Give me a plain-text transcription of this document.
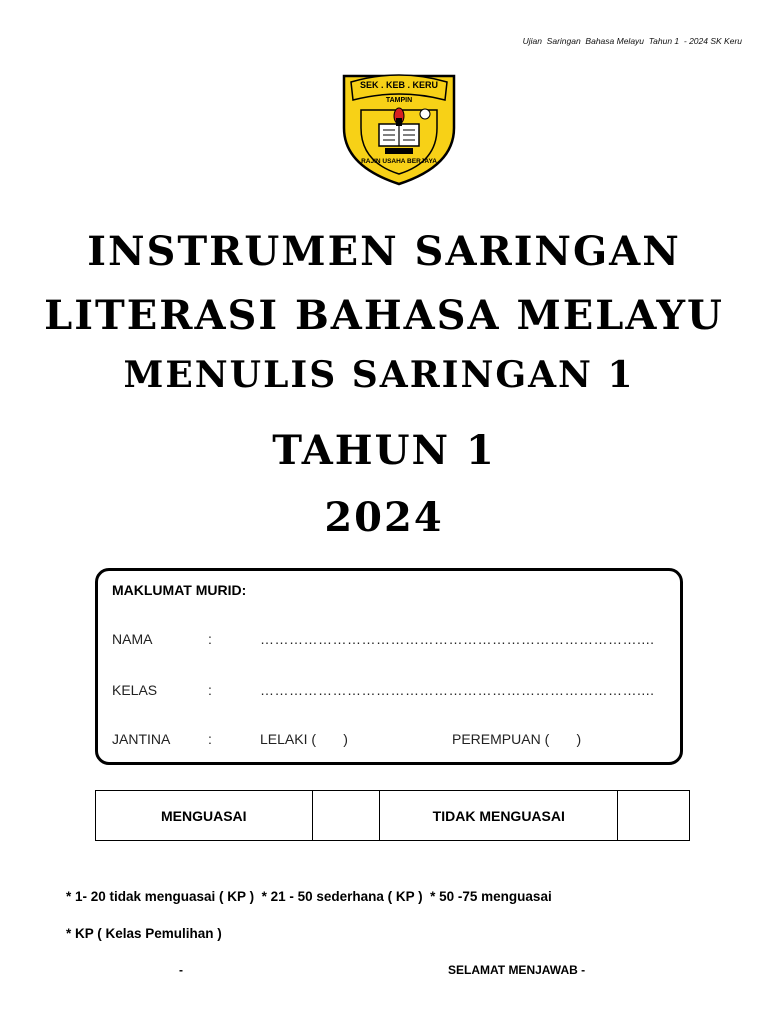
Ujian  Saringan  Bahasa Melayu  Tahun 1  - 2024 SK Keru
SEK . KEB . KERU
TAMPIN
RAJIN USAHA BERJAYA
INSTRUMEN SARINGAN
LITERASI BAHASA MELAYU
MENULIS SARINGAN 1
TAHUN 1
2024
MAKLUMAT MURID:
NAMA	:	……………………………………………………………………....
KELAS	:	……………………………………………………………………....
JANTINA	:	LELAKI (       )	PEREMPUAN (       )
MENGUASAI		TIDAK MENGUASAI	
* 1- 20 tidak menguasai ( KP )  * 21 - 50 sederhana ( KP )  * 50 -75 menguasai
* KP ( Kelas Pemulihan )
-	SELAMAT MENJAWAB -
